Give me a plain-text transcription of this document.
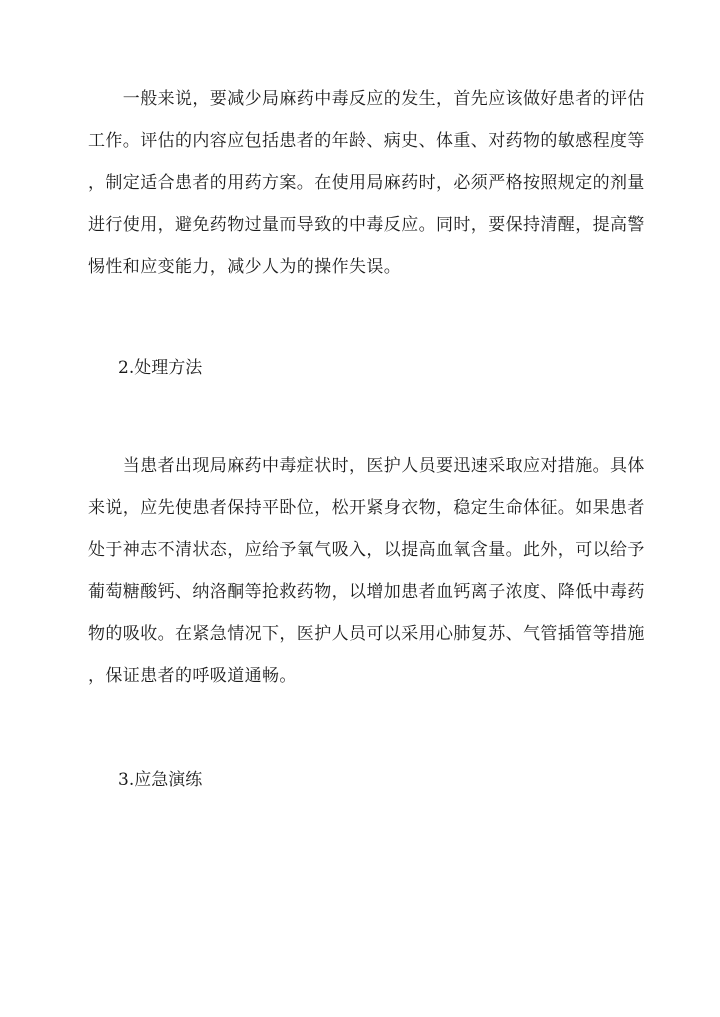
　　一般来说，要减少局麻药中毒反应的发生，首先应该做好患者的评估
工作。评估的内容应包括患者的年龄、病史、体重、对药物的敏感程度等
，制定适合患者的用药方案。在使用局麻药时，必须严格按照规定的剂量
进行使用，避免药物过量而导致的中毒反应。同时，要保持清醒，提高警
惕性和应变能力，减少人为的操作失误。
2.处理方法
　　当患者出现局麻药中毒症状时，医护人员要迅速采取应对措施。具体
来说，应先使患者保持平卧位，松开紧身衣物，稳定生命体征。如果患者
处于神志不清状态，应给予氧气吸入，以提高血氧含量。此外，可以给予
葡萄糖酸钙、纳洛酮等抢救药物，以增加患者血钙离子浓度、降低中毒药
物的吸收。在紧急情况下，医护人员可以采用心肺复苏、气管插管等措施
，保证患者的呼吸道通畅。
3.应急演练
